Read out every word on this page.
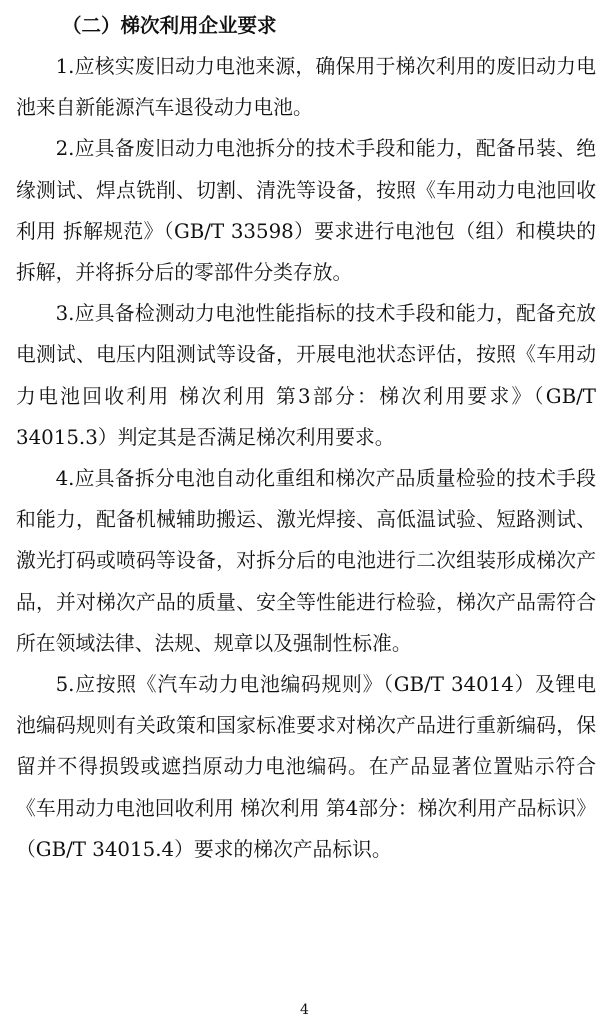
（二）梯次利用企业要求

1.应核实废旧动力电池来源，确保用于梯次利用的废旧动力电池来自新能源汽车退役动力电池。

2.应具备废旧动力电池拆分的技术手段和能力，配备吊装、绝缘测试、焊点铣削、切割、清洗等设备，按照《车用动力电池回收利用 拆解规范》（GB/T 33598）要求进行电池包（组）和模块的拆解，并将拆分后的零部件分类存放。

3.应具备检测动力电池性能指标的技术手段和能力，配备充放电测试、电压内阻测试等设备，开展电池状态评估，按照《车用动力电池回收利用 梯次利用 第3部分：梯次利用要求》（GB/T 34015.3）判定其是否满足梯次利用要求。

4.应具备拆分电池自动化重组和梯次产品质量检验的技术手段和能力，配备机械辅助搬运、激光焊接、高低温试验、短路测试、激光打码或喷码等设备，对拆分后的电池进行二次组装形成梯次产品，并对梯次产品的质量、安全等性能进行检验，梯次产品需符合所在领域法律、法规、规章以及强制性标准。

5.应按照《汽车动力电池编码规则》（GB/T 34014）及锂电池编码规则有关政策和国家标准要求对梯次产品进行重新编码，保留并不得损毁或遮挡原动力电池编码。在产品显著位置贴示符合《车用动力电池回收利用 梯次利用 第4部分：梯次利用产品标识》（GB/T 34015.4）要求的梯次产品标识。

4
